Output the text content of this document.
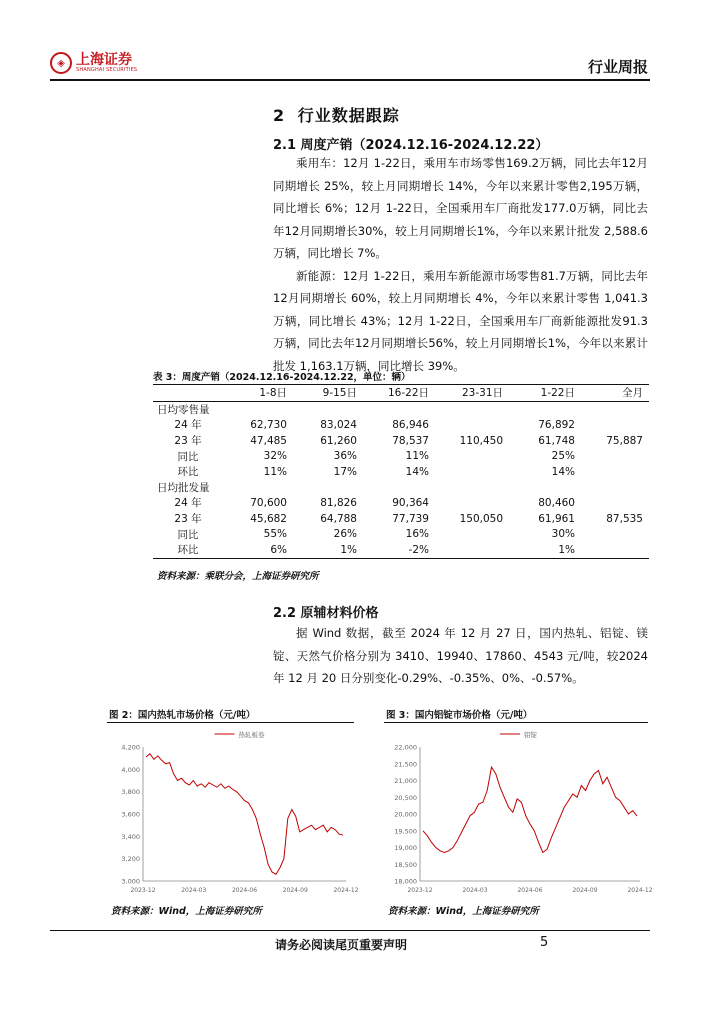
◈ 上海证券
SHANGHAI SECURITIES	行业周报
2 行业数据跟踪
2.1 周度产销（2024.12.16-2024.12.22）

乘用车：12月 1-22日，乘用车市场零售169.2万辆，同比去年12月同期增长 25%，较上月同期增长 14%，今年以来累计零售2,195万辆，同比增长 6%；12月 1-22日，全国乘用车厂商批发177.0万辆，同比去年12月同期增长30%，较上月同期增长1%，今年以来累计批发 2,588.6万辆，同比增长 7%。

新能源：12月 1-22日，乘用车新能源市场零售81.7万辆，同比去年 12月同期增长 60%，较上月同期增长 4%，今年以来累计零售 1,041.3万辆，同比增长 43%；12月 1-22日，全国乘用车厂商新能源批发91.3万辆，同比去年12月同期增长56%，较上月同期增长1%，今年以来累计批发 1,163.1万辆，同比增长 39%。

表 3：周度产销（2024.12.16-2024.12.22，单位：辆）
	1-8日	9-15日	16-22日	23-31日	1-22日	全月
日均零售量						
24 年	62,730	83,024	86,946		76,892	
23 年	47,485	61,260	78,537	110,450	61,748	75,887
同比	32%	36%	11%		25%	
环比	11%	17%	14%		14%	
日均批发量						
24 年	70,600	81,826	90,364		80,460	
23 年	45,682	64,788	77,739	150,050	61,961	87,535
同比	55%	26%	16%		30%	
环比	6%	1%	-2%		1%	
资料来源：乘联分会，上海证券研究所
2.2 原辅材料价格

据 Wind 数据，截至 2024 年 12 月 27 日，国内热轧、铝锭、镁锭、天然气价格分别为 3410、19940、17860、4543 元/吨，较2024 年 12 月 20 日分别变化-0.29%、-0.35%、0%、-0.57%。

图 2：国内热轧市场价格（元/吨）
热轧板卷
4,200
4,000
3,800
3,600
3,400
3,200
3,000
2023-12	2024-03	2024-06	2024-09	2024-12
资料来源：Wind，上海证券研究所
图 3：国内铝锭市场价格（元/吨）
铝锭
22,000
21,500
21,000
20,500
20,000
19,500
19,000
18,500
18,000
2023-12	2024-03	2024-06	2024-09	2024-12
资料来源：Wind，上海证券研究所
请务必阅读尾页重要声明	5
